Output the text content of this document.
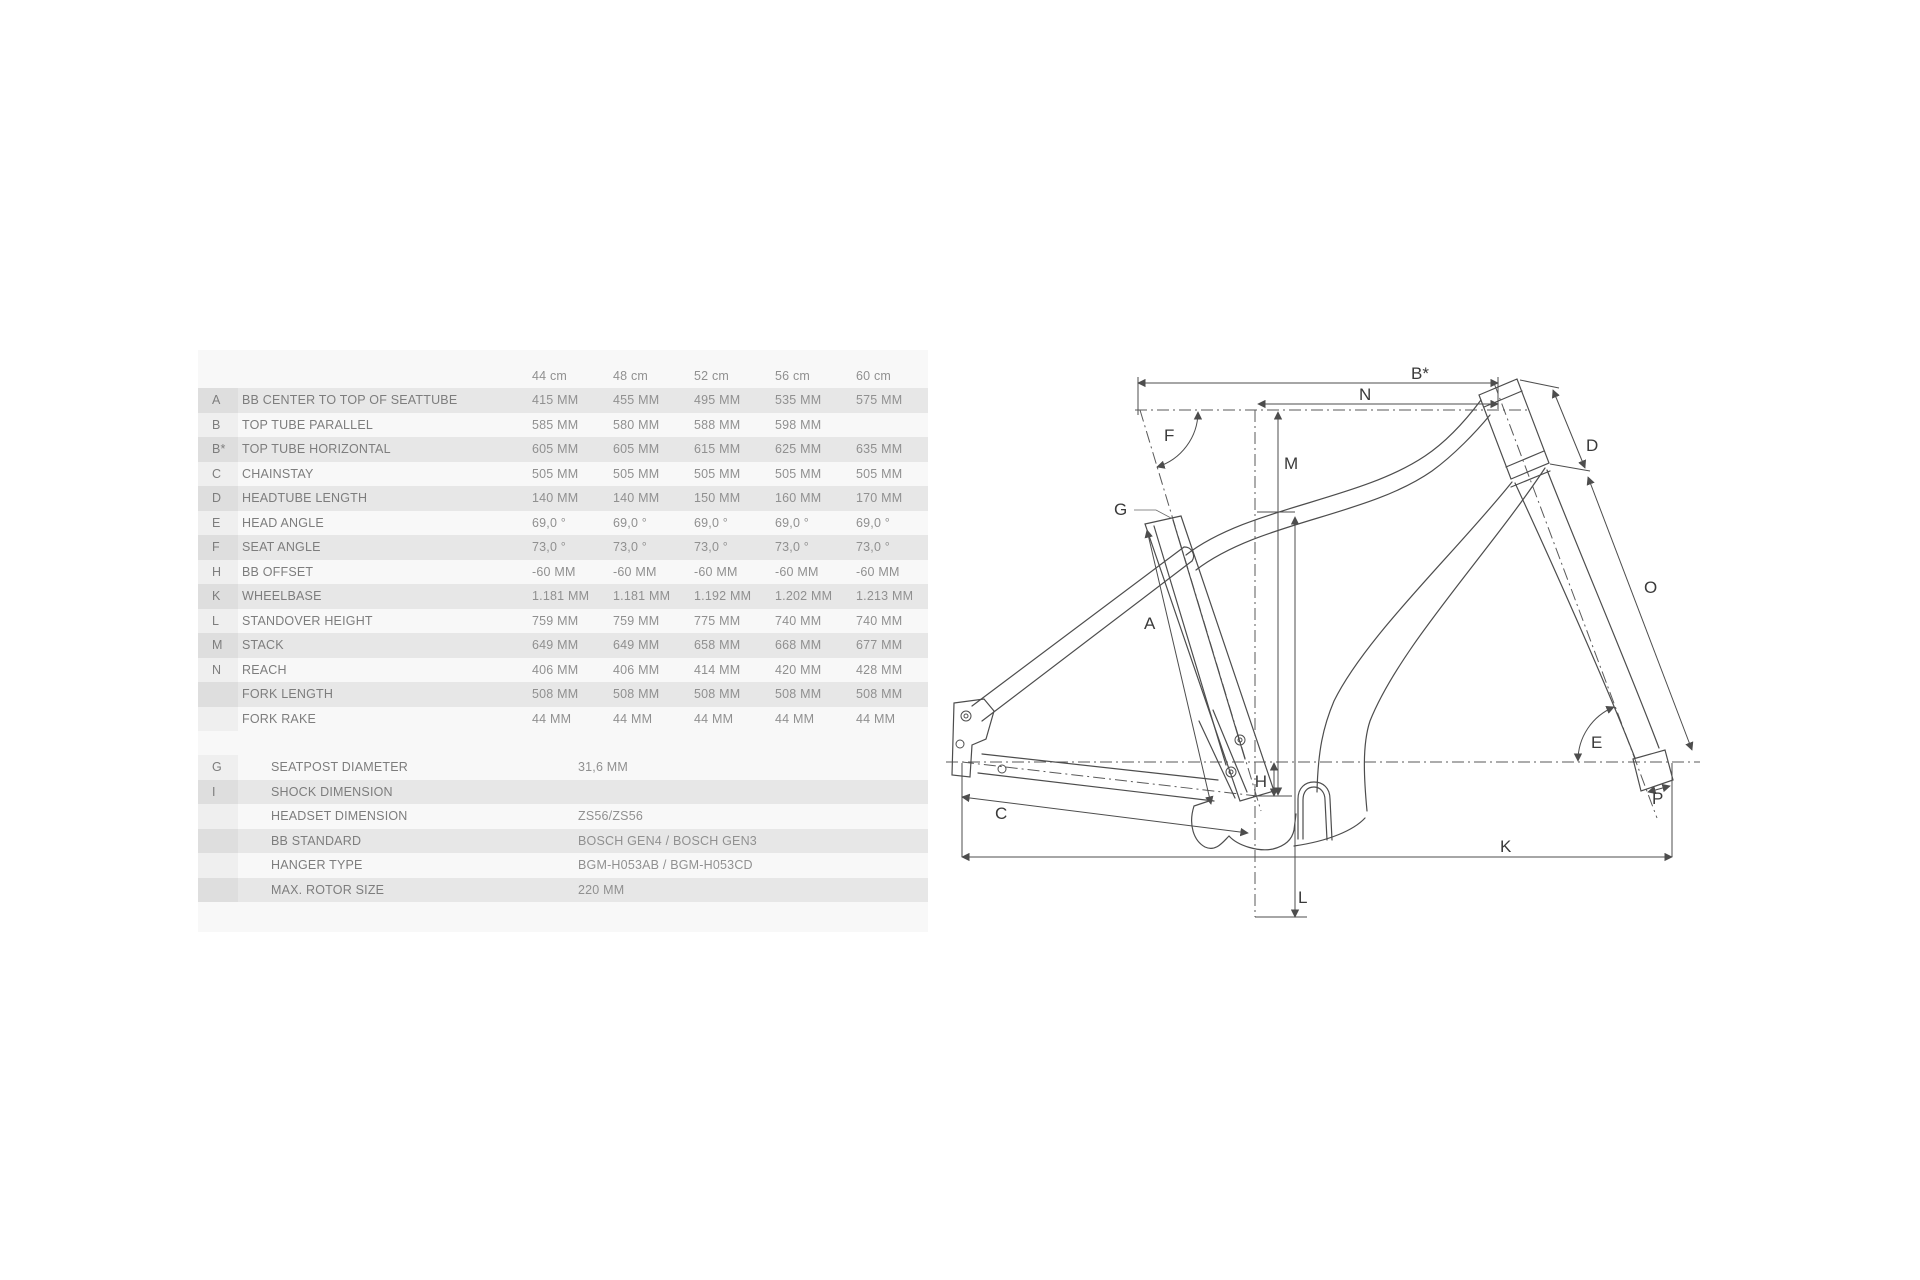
44 cm	48 cm	52 cm	56 cm	60 cm
A BB CENTER TO TOP OF SEATTUBE	415 MM	455 MM	495 MM	535 MM	575 MM
B TOP TUBE PARALLEL	585 MM	580 MM	588 MM	598 MM
B* TOP TUBE HORIZONTAL	605 MM	605 MM	615 MM	625 MM	635 MM
C CHAINSTAY	505 MM	505 MM	505 MM	505 MM	505 MM
D HEADTUBE LENGTH	140 MM	140 MM	150 MM	160 MM	170 MM
E HEAD ANGLE	69,0 °	69,0 °	69,0 °	69,0 °	69,0 °
F SEAT ANGLE	73,0 °	73,0 °	73,0 °	73,0 °	73,0 °
H BB OFFSET	-60 MM	-60 MM	-60 MM	-60 MM	-60 MM
K WHEELBASE	1.181 MM 1.181 MM 1.192 MM 1.202 MM 1.213 MM
L STANDOVER HEIGHT	759 MM	759 MM	775 MM	740 MM	740 MM
M STACK	649 MM	649 MM	658 MM	668 MM	677 MM
N REACH	406 MM	406 MM	414 MM	420 MM	428 MM
FORK LENGTH	508 MM	508 MM	508 MM	508 MM	508 MM
FORK RAKE	44 MM	44 MM	44 MM	44 MM	44 MM
G	SEATPOST DIAMETER	31,6 MM
I	SHOCK DIMENSION
HEADSET DIMENSION	ZS56/ZS56
BB STANDARD	BOSCH GEN4 / BOSCH GEN3
HANGER TYPE	BGM-H053AB / BGM-H053CD
MAX. ROTOR SIZE	220 MM
B*
N
F
G
M
A
D
O
E
H
C
P
K
L
